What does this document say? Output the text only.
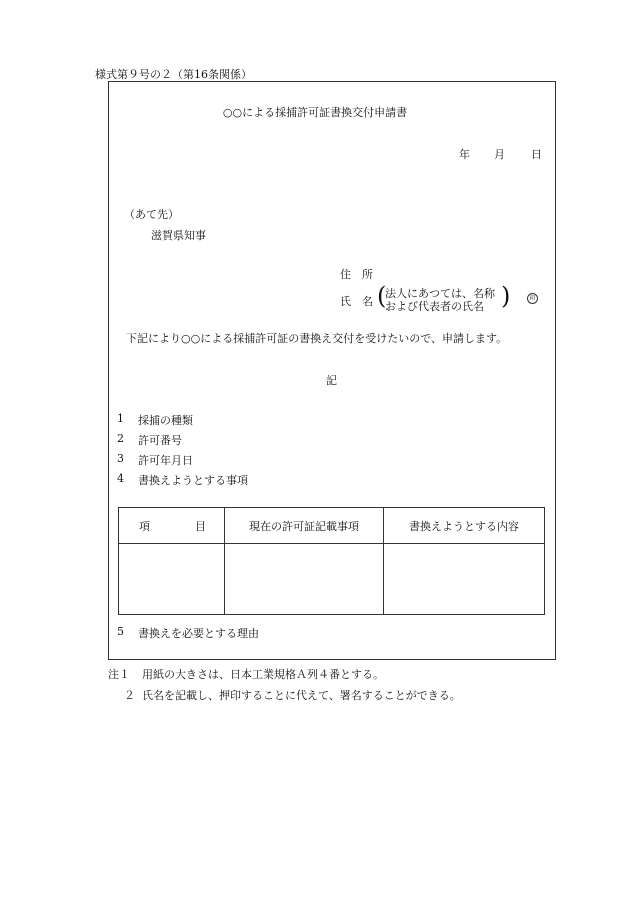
様式第９号の２（第16条関係）
○○による採捕許可証書換交付申請書
年 月 日
（あて先）
滋賀県知事
住　所
氏　名 (
法人にあつては、名称
および代表者の氏名 )	印
下記により○○による採捕許可証の書換え交付を受けたいので、申請します。
記
1 採捕の種類
2 許可番号
3 許可年月日
4 書換えようとする事項
項 目	現在の許可証記載事項	書換えようとする内容

5 書換えを必要とする理由
注１ 用紙の大きさは、日本工業規格Ａ列４番とする。
２ 氏名を記載し、押印することに代えて、署名することができる。
